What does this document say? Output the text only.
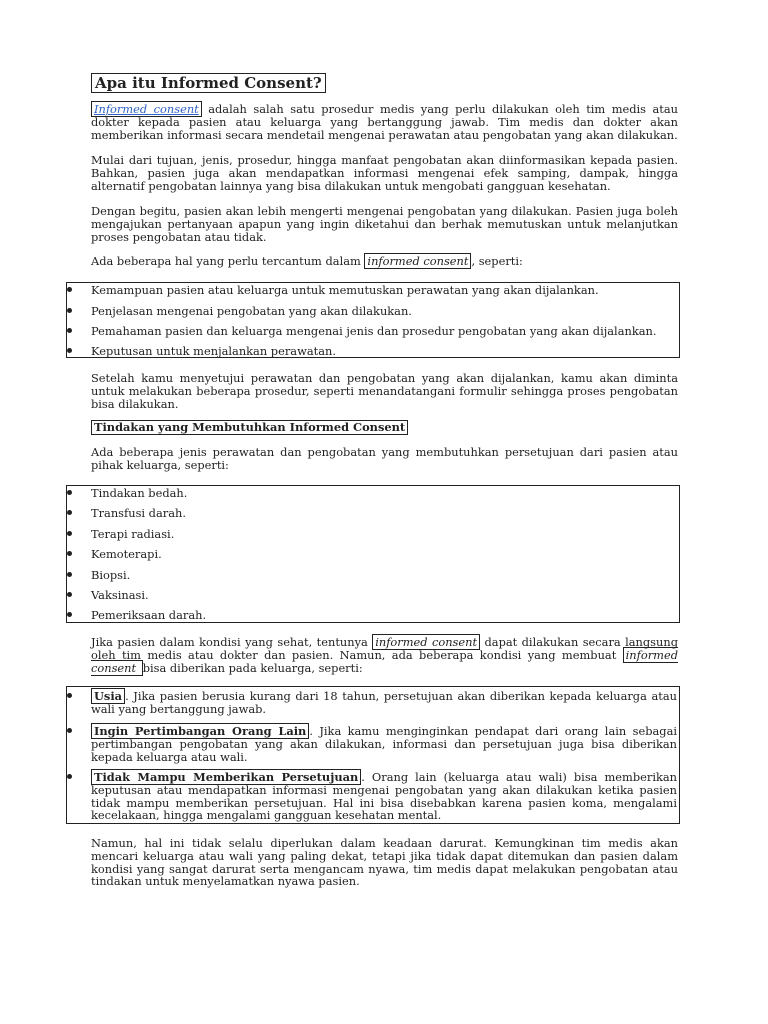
Apa itu Informed Consent?

Informed consent adalah salah satu prosedur medis yang perlu dilakukan oleh tim medis atau dokter kepada pasien atau keluarga yang bertanggung jawab. Tim medis dan dokter akan memberikan informasi secara mendetail mengenai perawatan atau pengobatan yang akan dilakukan.

Mulai dari tujuan, jenis, prosedur, hingga manfaat pengobatan akan diinformasikan kepada pasien. Bahkan, pasien juga akan mendapatkan informasi mengenai efek samping, dampak, hingga alternatif pengobatan lainnya yang bisa dilakukan untuk mengobati gangguan kesehatan.

Dengan begitu, pasien akan lebih mengerti mengenai pengobatan yang dilakukan. Pasien juga boleh mengajukan pertanyaan apapun yang ingin diketahui dan berhak memutuskan untuk melanjutkan proses pengobatan atau tidak.

Ada beberapa hal yang perlu tercantum dalam informed consent , seperti:

Kemampuan pasien atau keluarga untuk memutuskan perawatan yang akan dijalankan.
Penjelasan mengenai pengobatan yang akan dilakukan.
Pemahaman pasien dan keluarga mengenai jenis dan prosedur pengobatan yang akan dijalankan.
Keputusan untuk menjalankan perawatan.

Setelah kamu menyetujui perawatan dan pengobatan yang akan dijalankan, kamu akan diminta untuk melakukan beberapa prosedur, seperti menandatangani formulir sehingga proses pengobatan bisa dilakukan.

Tindakan yang Membutuhkan Informed Consent

Ada beberapa jenis perawatan dan pengobatan yang membutuhkan persetujuan dari pasien atau pihak keluarga, seperti:

Tindakan bedah.
Transfusi darah.
Terapi radiasi.
Kemoterapi.
Biopsi.
Vaksinasi.
Pemeriksaan darah.

Jika pasien dalam kondisi yang sehat, tentunya informed consent dapat dilakukan secara langsung oleh tim medis atau dokter dan pasien. Namun, ada beberapa kondisi yang membuat informed consent bisa diberikan pada keluarga, seperti:

Usia . Jika pasien berusia kurang dari 18 tahun, persetujuan akan diberikan kepada keluarga atau wali yang bertanggung jawab.
Ingin Pertimbangan Orang Lain . Jika kamu menginginkan pendapat dari orang lain sebagai pertimbangan pengobatan yang akan dilakukan, informasi dan persetujuan juga bisa diberikan kepada keluarga atau wali.
Tidak Mampu Memberikan Persetujuan . Orang lain (keluarga atau wali) bisa memberikan keputusan atau mendapatkan informasi mengenai pengobatan yang akan dilakukan ketika pasien tidak mampu memberikan persetujuan. Hal ini bisa disebabkan karena pasien koma, mengalami kecelakaan, hingga mengalami gangguan kesehatan mental.

Namun, hal ini tidak selalu diperlukan dalam keadaan darurat. Kemungkinan tim medis akan mencari keluarga atau wali yang paling dekat, tetapi jika tidak dapat ditemukan dan pasien dalam kondisi yang sangat darurat serta mengancam nyawa, tim medis dapat melakukan pengobatan atau tindakan untuk menyelamatkan nyawa pasien.
